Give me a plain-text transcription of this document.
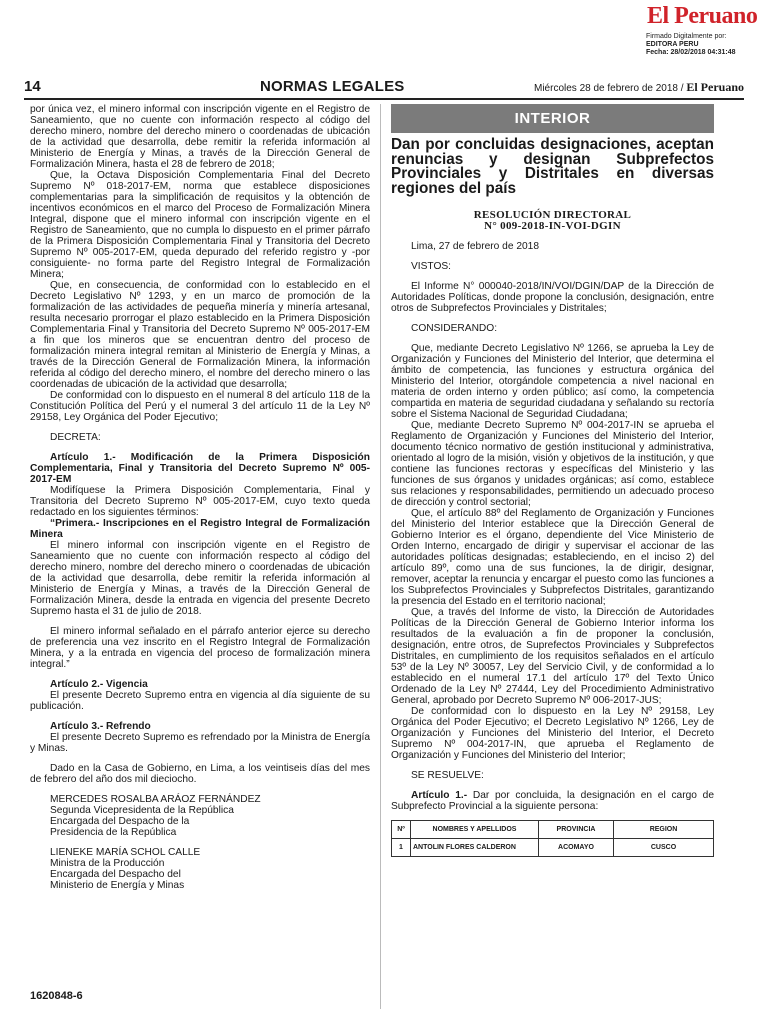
El Peruano
Firmado Digitalmente por:
EDITORA PERU
Fecha: 28/02/2018 04:31:48
14	NORMAS LEGALES	Miércoles 28 de febrero de 2018 / El Peruano

por única vez, el minero informal con inscripción vigente en el Registro de Saneamiento, que no cuente con información respecto al código del derecho minero, nombre del derecho minero o coordenadas de ubicación de la actividad que desarrolla, debe remitir la referida información al Ministerio de Energía y Minas, a través de la Dirección General de Formalización Minera, hasta el 28 de febrero de 2018;

Que, la Octava Disposición Complementaria Final del Decreto Supremo Nº 018-2017-EM, norma que establece disposiciones complementarias para la simplificación de requisitos y la obtención de incentivos económicos en el marco del Proceso de Formalización Minera Integral, dispone que el minero informal con inscripción vigente en el Registro de Saneamiento, que no cumpla lo dispuesto en el primer párrafo de la Primera Disposición Complementaria Final y Transitoria del Decreto Supremo Nº 005-2017-EM, queda depurado del referido registro y -por consiguiente- no forma parte del Registro Integral de Formalización Minera;

Que, en consecuencia, de conformidad con lo establecido en el Decreto Legislativo Nº 1293, y en un marco de promoción de la formalización de las actividades de pequeña minería y minería artesanal, resulta necesario prorrogar el plazo establecido en la Primera Disposición Complementaria Final y Transitoria del Decreto Supremo Nº 005-2017-EM a fin que los mineros que se encuentran dentro del proceso de formalización minera integral remitan al Ministerio de Energía y Minas, a través de la Dirección General de Formalización Minera, la información referida al código del derecho minero, el nombre del derecho minero o las coordenadas de ubicación de la actividad que desarrolla;

De conformidad con lo dispuesto en el numeral 8 del artículo 118 de la Constitución Política del Perú y el numeral 3 del artículo 11 de la Ley Nº 29158, Ley Orgánica del Poder Ejecutivo;

DECRETA:

Artículo 1.- Modificación de la Primera Disposición Complementaria, Final y Transitoria del Decreto Supremo Nº 005-2017-EM

Modifíquese la Primera Disposición Complementaria, Final y Transitoria del Decreto Supremo Nº 005-2017-EM, cuyo texto queda redactado en los siguientes términos:

“Primera.- Inscripciones en el Registro Integral de Formalización Minera

El minero informal con inscripción vigente en el Registro de Saneamiento que no cuente con información respecto al código del derecho minero, nombre del derecho minero o coordenadas de ubicación de la actividad que desarrolla, debe remitir la referida información al Ministerio de Energía y Minas, a través de la Dirección General de Formalización Minera, desde la entrada en vigencia del presente Decreto Supremo hasta el 31 de julio de 2018.

El minero informal señalado en el párrafo anterior ejerce su derecho de preferencia una vez inscrito en el Registro Integral de Formalización Minera, y a la entrada en vigencia del proceso de formalización minera integral.”

Artículo 2.- Vigencia

El presente Decreto Supremo entra en vigencia al día siguiente de su publicación.

Artículo 3.- Refrendo

El presente Decreto Supremo es refrendado por la Ministra de Energía y Minas.

Dado en la Casa de Gobierno, en Lima, a los veintiseis días del mes de febrero del año dos mil dieciocho.

MERCEDES ROSALBA ARÁOZ FERNÁNDEZ

Segunda Vicepresidenta de la República

Encargada del Despacho de la

Presidencia de la República

LIENEKE MARÍA SCHOL CALLE

Ministra de la Producción

Encargada del Despacho del

Ministerio de Energía y Minas

1620848-6
INTERIOR
Dan por concluidas designaciones, aceptan renuncias y designan Subprefectos Provinciales y Distritales en diversas regiones del país
RESOLUCIÓN DIRECTORAL
N° 009-2018-IN-VOI-DGIN

Lima, 27 de febrero de 2018

VISTOS:

El Informe N° 000040-2018/IN/VOI/DGIN/DAP de la Dirección de Autoridades Políticas, donde propone la conclusión, designación, entre otros de Subprefectos Provinciales y Distritales;

CONSIDERANDO:

Que, mediante Decreto Legislativo Nº 1266, se aprueba la Ley de Organización y Funciones del Ministerio del Interior, que determina el ámbito de competencia, las funciones y estructura orgánica del Ministerio del Interior, otorgándole competencia a nivel nacional en materia de orden interno y orden público; así como, la competencia compartida en materia de seguridad ciudadana y señalando su rectoría sobre el Sistema Nacional de Seguridad Ciudadana;

Que, mediante Decreto Supremo Nº 004-2017-IN se aprueba el Reglamento de Organización y Funciones del Ministerio del Interior, documento técnico normativo de gestión institucional y administrativa, orientado al logro de la misión, visión y objetivos de la institución, y que contiene las funciones rectoras y específicas del Ministerio y las funciones de sus órganos y unidades orgánicas; así como, establece sus relaciones y responsabilidades, permitiendo un adecuado proceso de dirección y control sectorial;

Que, el artículo 88º del Reglamento de Organización y Funciones del Ministerio del Interior establece que la Dirección General de Gobierno Interior es el órgano, dependiente del Vice Ministerio de Orden Interno, encargado de dirigir y supervisar el accionar de las autoridades políticas designadas; estableciendo, en el inciso 2) del artículo 89º, como una de sus funciones, la de dirigir, designar, remover, aceptar la renuncia y encargar el puesto como las funciones a los Subprefectos Provinciales y Subprefectos Distritales, garantizando la presencia del Estado en el territorio nacional;

Que, a través del Informe de visto, la Dirección de Autoridades Políticas de la Dirección General de Gobierno Interior informa los resultados de la evaluación a fin de proponer la conclusión, designación, entre otros, de Suprefectos Provinciales y Subprefectos Distritales, en cumplimiento de los requisitos señalados en el artículo 53º de la Ley Nº 30057, Ley del Servicio Civil, y de conformidad a lo establecido en el numeral 17.1 del artículo 17º del Texto Único Ordenado de la Ley Nº 27444, Ley del Procedimiento Administrativo General, aprobado por Decreto Supremo Nº 006-2017-JUS;

De conformidad con lo dispuesto en la Ley Nº 29158, Ley Orgánica del Poder Ejecutivo; el Decreto Legislativo Nº 1266, Ley de Organización y Funciones del Ministerio del Interior, el Decreto Supremo Nº 004-2017-IN, que aprueba el Reglamento de Organización y Funciones del Ministerio del Interior;

SE RESUELVE:

Artículo 1.- Dar por concluida, la designación en el cargo de Subprefecto Provincial a la siguiente persona:

Nº	NOMBRES Y APELLIDOS	PROVINCIA	REGION
1	ANTOLIN FLORES CALDERON	ACOMAYO	CUSCO
